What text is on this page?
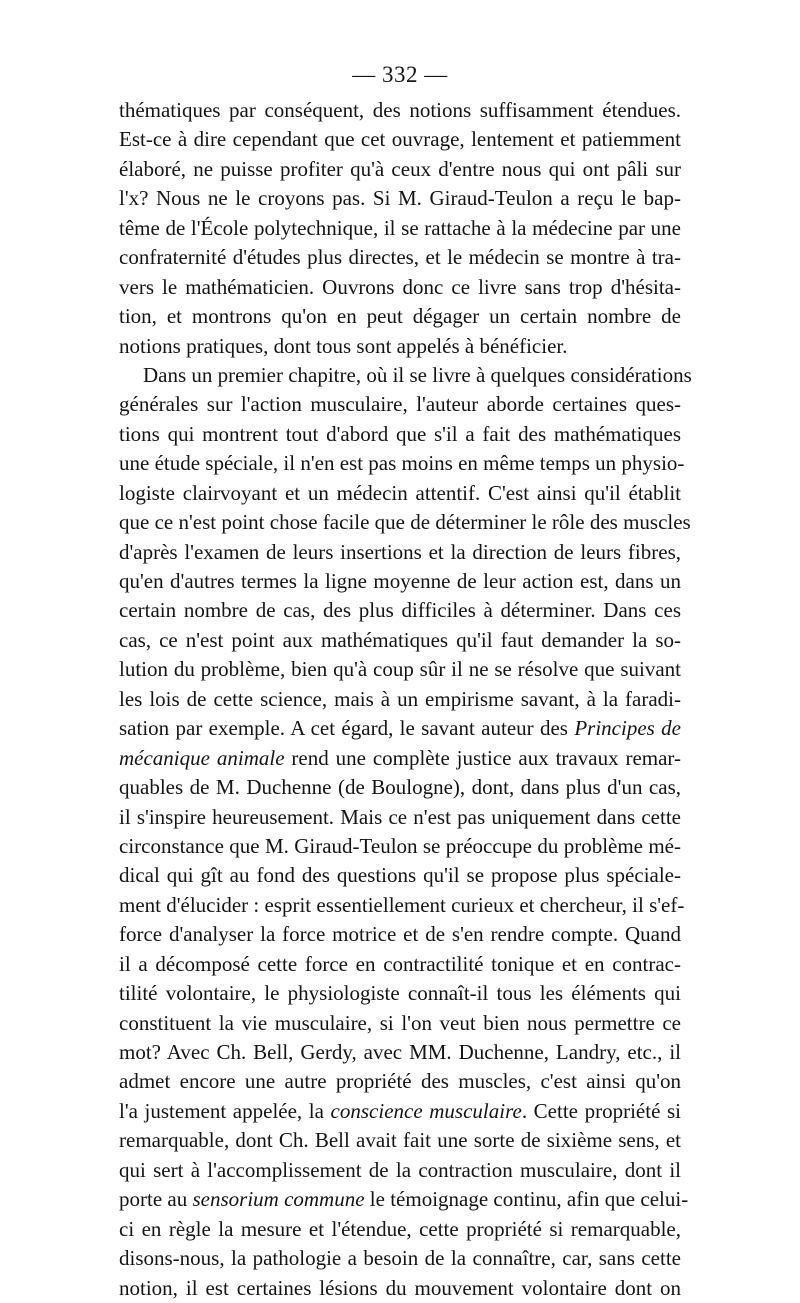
— 332 —
thématiques par conséquent, des notions suffisamment étendues.
Est-ce à dire cependant que cet ouvrage, lentement et patiemment
élaboré, ne puisse profiter qu'à ceux d'entre nous qui ont pâli sur
l'x? Nous ne le croyons pas. Si M. Giraud-Teulon a reçu le bap-
tême de l'École polytechnique, il se rattache à la médecine par une
confraternité d'études plus directes, et le médecin se montre à tra-
vers le mathématicien. Ouvrons donc ce livre sans trop d'hésita-
tion, et montrons qu'on en peut dégager un certain nombre de
notions pratiques, dont tous sont appelés à bénéficier.
Dans un premier chapitre, où il se livre à quelques considérations
générales sur l'action musculaire, l'auteur aborde certaines ques-
tions qui montrent tout d'abord que s'il a fait des mathématiques
une étude spéciale, il n'en est pas moins en même temps un physio-
logiste clairvoyant et un médecin attentif. C'est ainsi qu'il établit
que ce n'est point chose facile que de déterminer le rôle des muscles
d'après l'examen de leurs insertions et la direction de leurs fibres,
qu'en d'autres termes la ligne moyenne de leur action est, dans un
certain nombre de cas, des plus difficiles à déterminer. Dans ces
cas, ce n'est point aux mathématiques qu'il faut demander la so-
lution du problème, bien qu'à coup sûr il ne se résolve que suivant
les lois de cette science, mais à un empirisme savant, à la faradi-
sation par exemple. A cet égard, le savant auteur des Principes de
mécanique animale rend une complète justice aux travaux remar-
quables de M. Duchenne (de Boulogne), dont, dans plus d'un cas,
il s'inspire heureusement. Mais ce n'est pas uniquement dans cette
circonstance que M. Giraud-Teulon se préoccupe du problème mé-
dical qui gît au fond des questions qu'il se propose plus spéciale-
ment d'élucider : esprit essentiellement curieux et chercheur, il s'ef-
force d'analyser la force motrice et de s'en rendre compte. Quand
il a décomposé cette force en contractilité tonique et en contrac-
tilité volontaire, le physiologiste connaît-il tous les éléments qui
constituent la vie musculaire, si l'on veut bien nous permettre ce
mot? Avec Ch. Bell, Gerdy, avec MM. Duchenne, Landry, etc., il
admet encore une autre propriété des muscles, c'est ainsi qu'on
l'a justement appelée, la conscience musculaire. Cette propriété si
remarquable, dont Ch. Bell avait fait une sorte de sixième sens, et
qui sert à l'accomplissement de la contraction musculaire, dont il
porte au sensorium commune le témoignage continu, afin que celui-
ci en règle la mesure et l'étendue, cette propriété si remarquable,
disons-nous, la pathologie a besoin de la connaître, car, sans cette
notion, il est certaines lésions du mouvement volontaire dont on
